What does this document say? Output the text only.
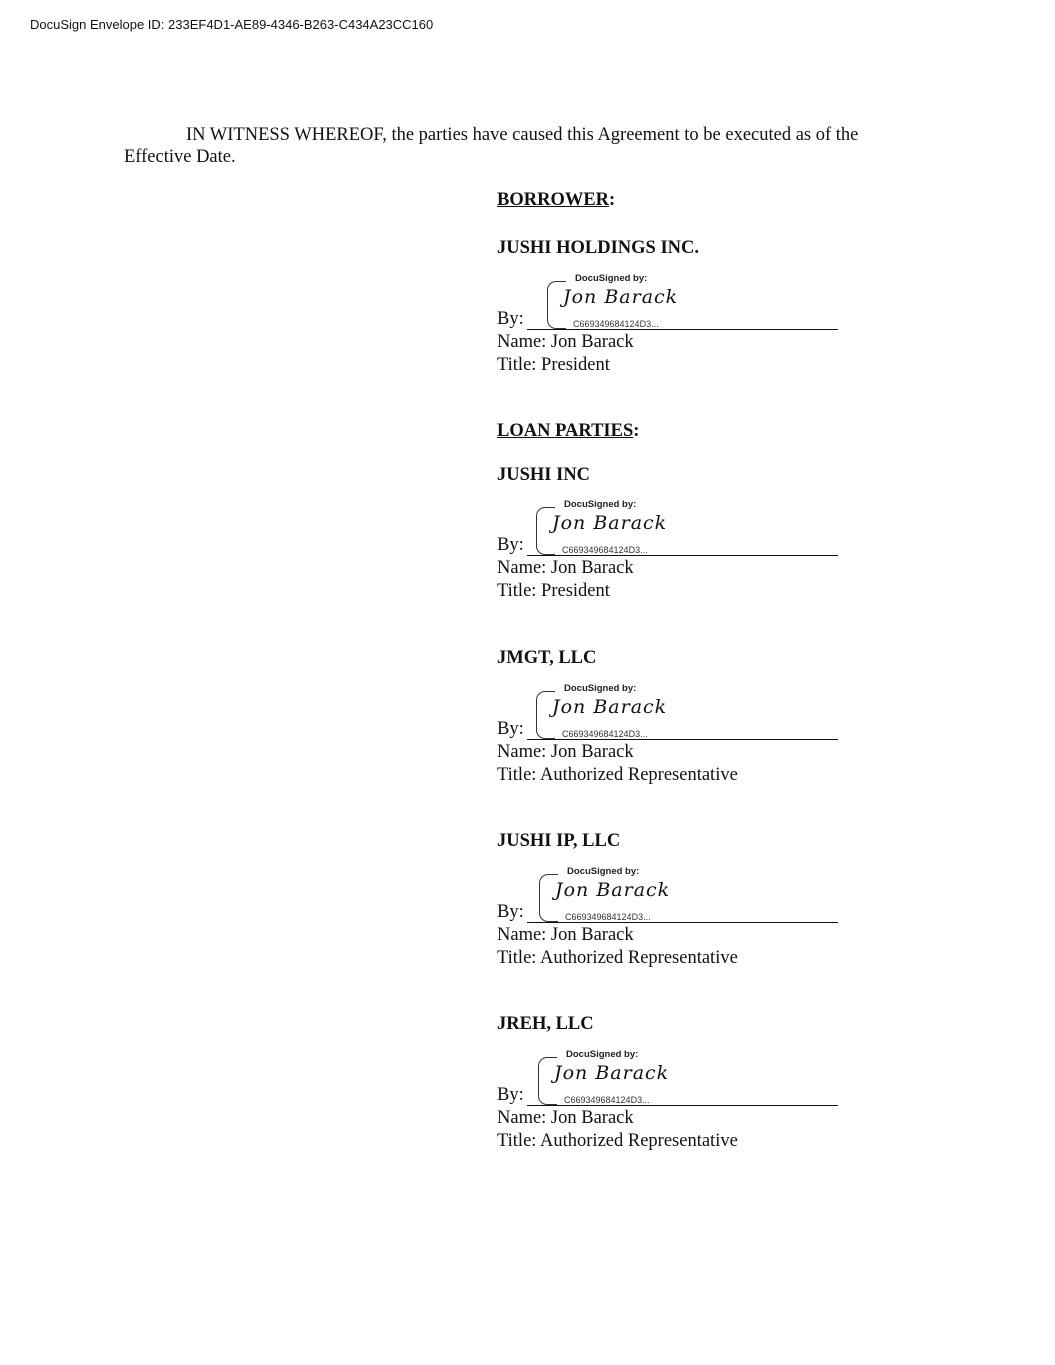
DocuSign Envelope ID: 233EF4D1-AE89-4346-B263-C434A23CC160
IN WITNESS WHEREOF, the parties have caused this Agreement to be executed as of the Effective Date.
BORROWER:
JUSHI HOLDINGS INC.
By:
DocuSigned by:
Jon Barack
C669349684124D3...
Name: Jon Barack
Title: President
LOAN PARTIES:
JUSHI INC
By:
DocuSigned by:
Jon Barack
C669349684124D3...
Name: Jon Barack
Title: President
JMGT, LLC
By:
DocuSigned by:
Jon Barack
C669349684124D3...
Name: Jon Barack
Title: Authorized Representative
JUSHI IP, LLC
By:
DocuSigned by:
Jon Barack
C669349684124D3...
Name: Jon Barack
Title: Authorized Representative
JREH, LLC
By:
DocuSigned by:
Jon Barack
C669349684124D3...
Name: Jon Barack
Title: Authorized Representative
